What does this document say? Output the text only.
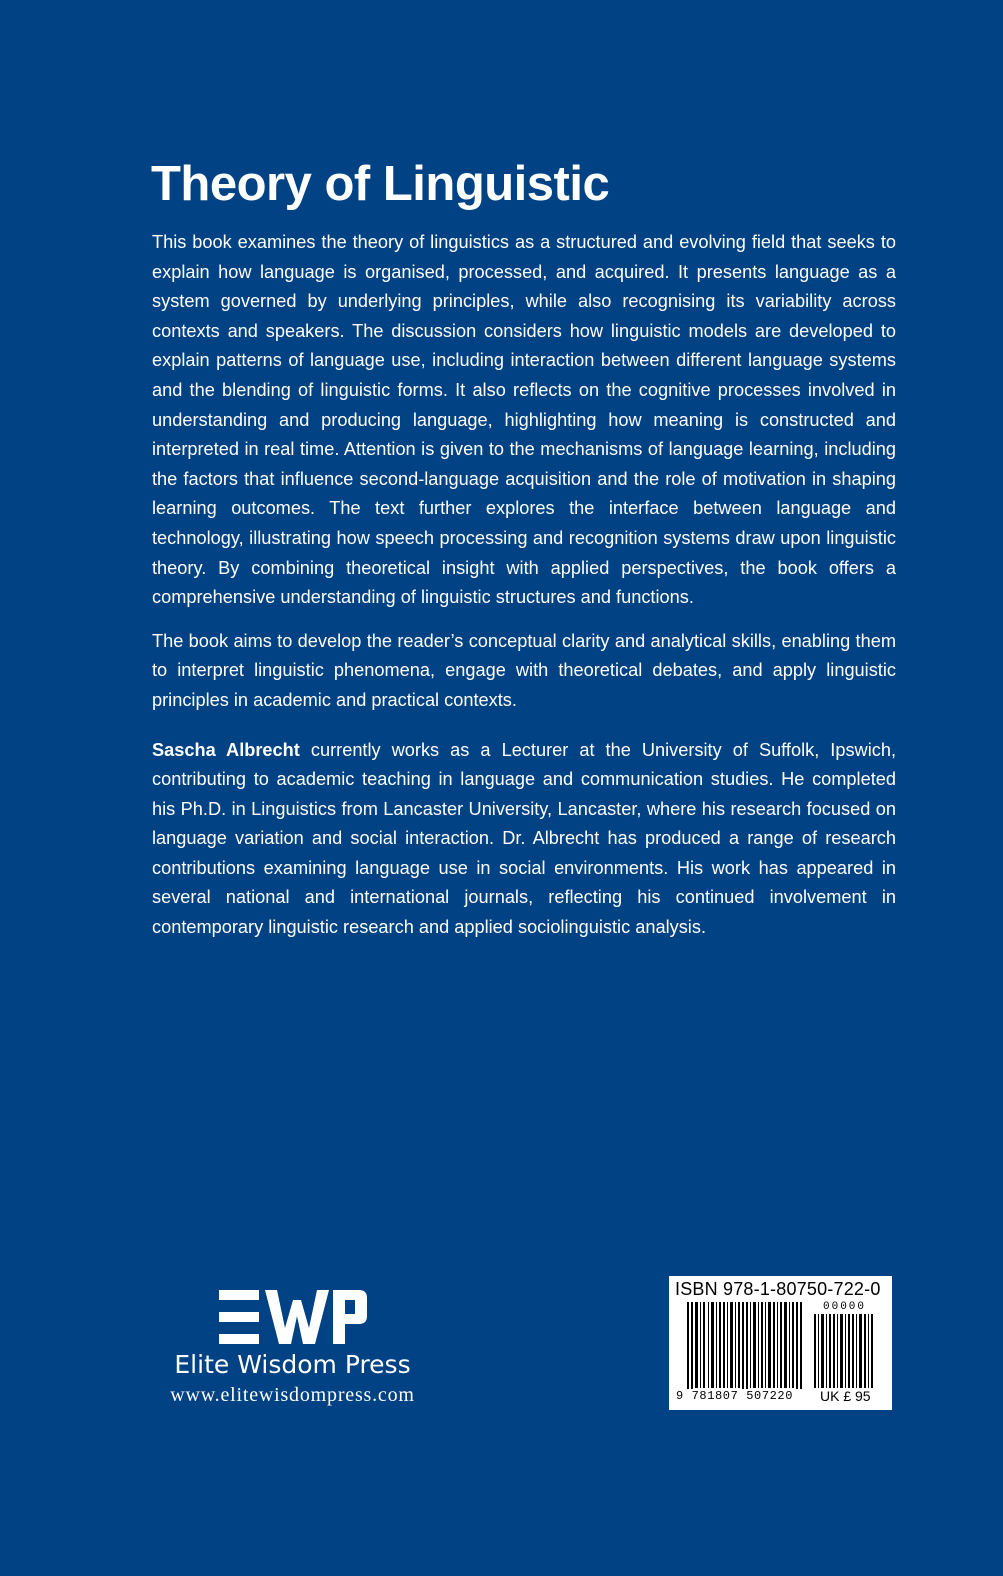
Theory of Linguistic

This book examines the theory of linguistics as a structured and evolving field that seeks to explain how language is organised, processed, and acquired. It presents language as a system governed by underlying principles, while also recognising its variability across contexts and speakers. The discussion considers how linguistic models are developed to explain patterns of language use, including interaction between different language systems and the blending of linguistic forms. It also reflects on the cognitive processes involved in understanding and producing language, highlighting how meaning is constructed and interpreted in real time. Attention is given to the mechanisms of language learning, including the factors that influence second-language acquisition and the role of motivation in shaping learning outcomes. The text further explores the interface between language and technology, illustrating how speech processing and recognition systems draw upon linguistic theory. By combining theoretical insight with applied perspectives, the book offers a comprehensive understanding of linguistic structures and functions.

The book aims to develop the reader’s conceptual clarity and analytical skills, enabling them to interpret linguistic phenomena, engage with theoretical debates, and apply linguistic principles in academic and practical contexts.

Sascha Albrecht currently works as a Lecturer at the University of Suffolk, Ipswich, contributing to academic teaching in language and communication studies. He completed his Ph.D. in Linguistics from Lancaster University, Lancaster, where his research focused on language variation and social interaction. Dr. Albrecht has produced a range of research contributions examining language use in social environments. His work has appeared in several national and international journals, reflecting his continued involvement in contemporary linguistic research and applied sociolinguistic analysis.

Elite Wisdom Press
www.elitewisdompress.com
ISBN 978-1-80750-722-0
00000
9 781807 507220	UK £ 95
